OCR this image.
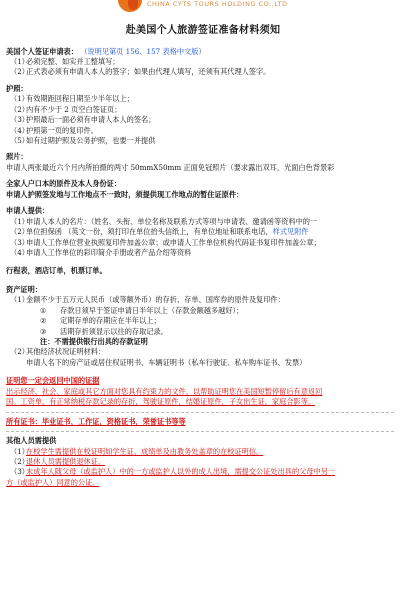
CHINA CYTS TOURS HOLDING CO.,LTD
赴美国个人旅游签证准备材料须知
美国个人签证申请表： （说明见第页 156、157 表格中文版）
（1）
必须完整、如实并工整填写；
（2）
正式表必须有申请人本人的签字；如果由代理人填写，还须有其代理人签字。
护照：
（1）
有效期距回程日期至少半年以上；
（2）
内有不少于 2 页空白签证页；
（3）
护照最后一面必须有申请人本人的签名；
（4）
护照第一页的复印件。
（5）
如有过期护照及公务护照，也要一并提供
照片：
申请人两张最近六个月内所拍摄的两寸 50mmX50mm 正面免冠照片（要求露出双耳，光面白色背景彩
全家人户口本的原件及本人身份证：
申请人护照签发地与工作地点不一致时，须提供现工作地点的暂住证原件：
申请人提供：
（1）
申请人本人的名片：（姓名、头衔、单位名称及联系方式等项与申请表、邀请函等资料中的一
（2）
单位担保函 （英文一份，须打印在单位抬头信纸上，有单位地址和联系电话，样式见附件
（3）
申请人工作单位营业执照复印件加盖公章；或申请人工作单位机构代码证书复印件加盖公章；
（4）
申请人工作单位的彩印简介手册或者产品介绍等资料
行程表，酒店订单，机票订单。
资产证明：
（1）
金额不少于五万元人民币（或等额外币）的存折、存单、国库券的原件及复印件：
①	存款日须早于签证申请日半年以上（存款金额越多越好）；
②	定期存单的存期应在半年以上；
③	活期存折须显示以往的存取记录。
注：不需提供银行出具的存款证明
（2）
其他经济状况证明材料：
申请人名下的房产证或居住权证明书、车辆证明书（私车行驶证、私车购车证书、发票）
证明您一定会返回中国的证据
出示经济、社会、家庭或其它方面对您具有约束力的文件，以帮助证明您在美国短暂停留后有意返回
国。工资单，有正常纳税存款记录的存折，驾驶证原件，结婚证原件，子女出生证，家庭合影等。
所有证书：毕业证书，工作证，资格证书，荣誉证书等等
其他人员需提供
（1）
在校学生需提供在校证明如学生证、成绩单及由教务处盖章的在校证明信。
（2）
退休人员需提供退休证。
（3）
未成年人随父母（或监护人）中的一方或监护人以外的成人出境，需提交公证处出具的父母中另一
方（或监护人）同意的公证。
